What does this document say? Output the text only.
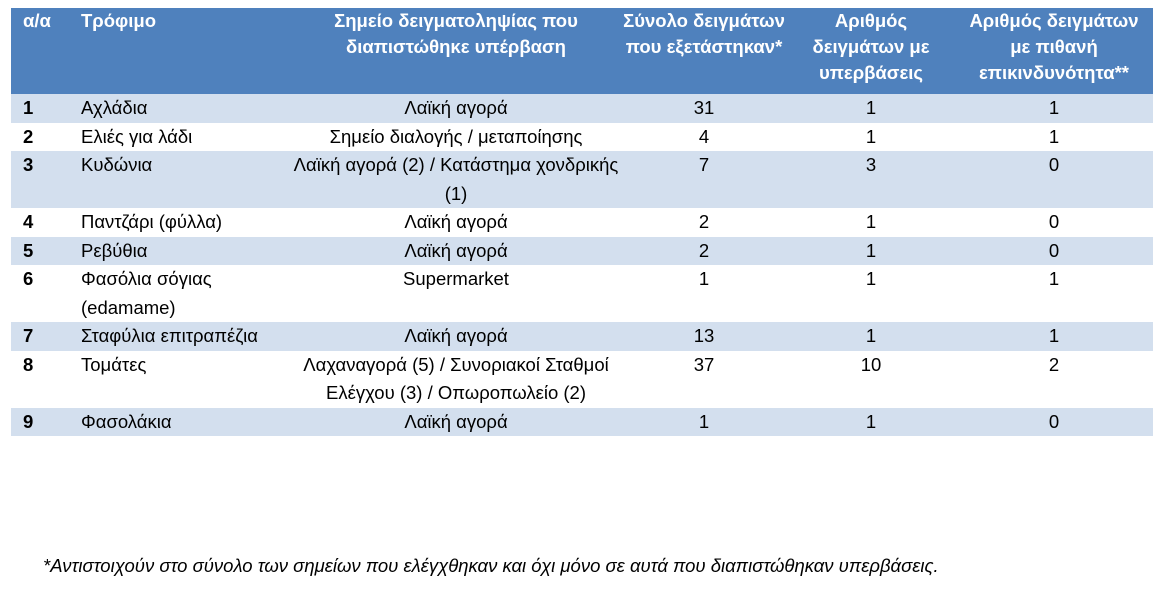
α/α	Τρόφιμο	Σημείο δειγματοληψίας που διαπιστώθηκε υπέρβαση	Σύνολο δειγμάτων που εξετάστηκαν*	Αριθμός δειγμάτων με υπερβάσεις	Αριθμός δειγμάτων με πιθανή επικινδυνότητα**
1	Αχλάδια	Λαϊκή αγορά	31	1	1
2	Ελιές για λάδι	Σημείο διαλογής / μεταποίησης	4	1	1
3	Κυδώνια	Λαϊκή αγορά (2) / Κατάστημα χονδρικής (1)	7	3	0
4	Παντζάρι (φύλλα)	Λαϊκή αγορά	2	1	0
5	Ρεβύθια	Λαϊκή αγορά	2	1	0
6	Φασόλια σόγιας (edamame)	Supermarket	1	1	1
7	Σταφύλια επιτραπέζια	Λαϊκή αγορά	13	1	1
8	Τομάτες	Λαχαναγορά (5) / Συνοριακοί Σταθμοί Ελέγχου (3) / Οπωροπωλείο (2)	37	10	2
9	Φασολάκια	Λαϊκή αγορά	1	1	0
*Αντιστοιχούν στο σύνολο των σημείων που ελέγχθηκαν και όχι μόνο σε αυτά που διαπιστώθηκαν υπερβάσεις.
